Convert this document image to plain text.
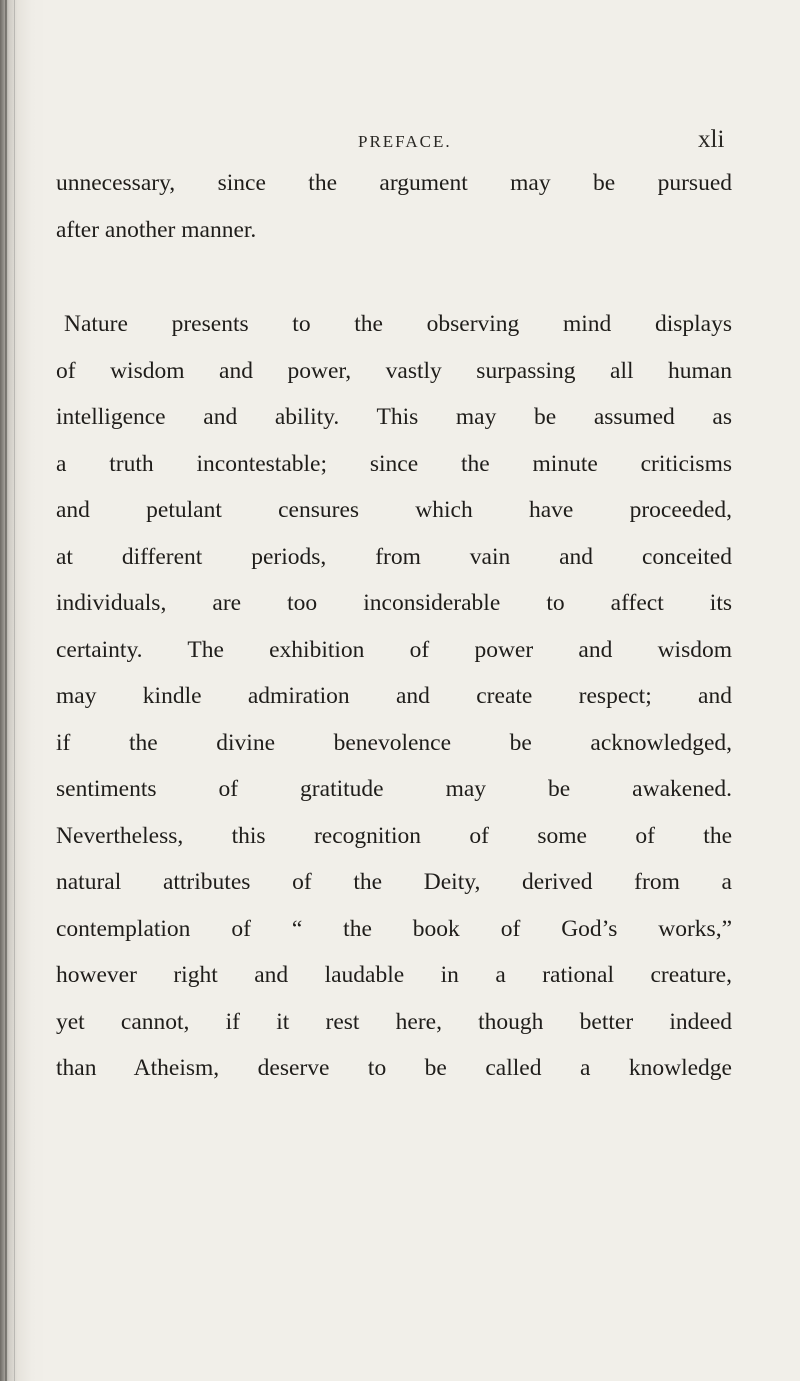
PREFACE.	xli
unnecessary, since the argument may be pursued
after another manner.
Nature presents to the observing mind displays
of wisdom and power, vastly surpassing all human
intelligence and ability. This may be assumed as
a truth incontestable; since the minute criticisms
and petulant censures which have proceeded,
at different periods, from vain and conceited
individuals, are too inconsiderable to affect its
certainty. The exhibition of power and wisdom
may kindle admiration and create respect; and
if the divine benevolence be acknowledged,
sentiments of gratitude may be awakened.
Nevertheless, this recognition of some of the
natural attributes of the Deity, derived from a
contemplation of “ the book of God’s works,”
however right and laudable in a rational creature,
yet cannot, if it rest here, though better indeed
than Atheism, deserve to be called a knowledge
